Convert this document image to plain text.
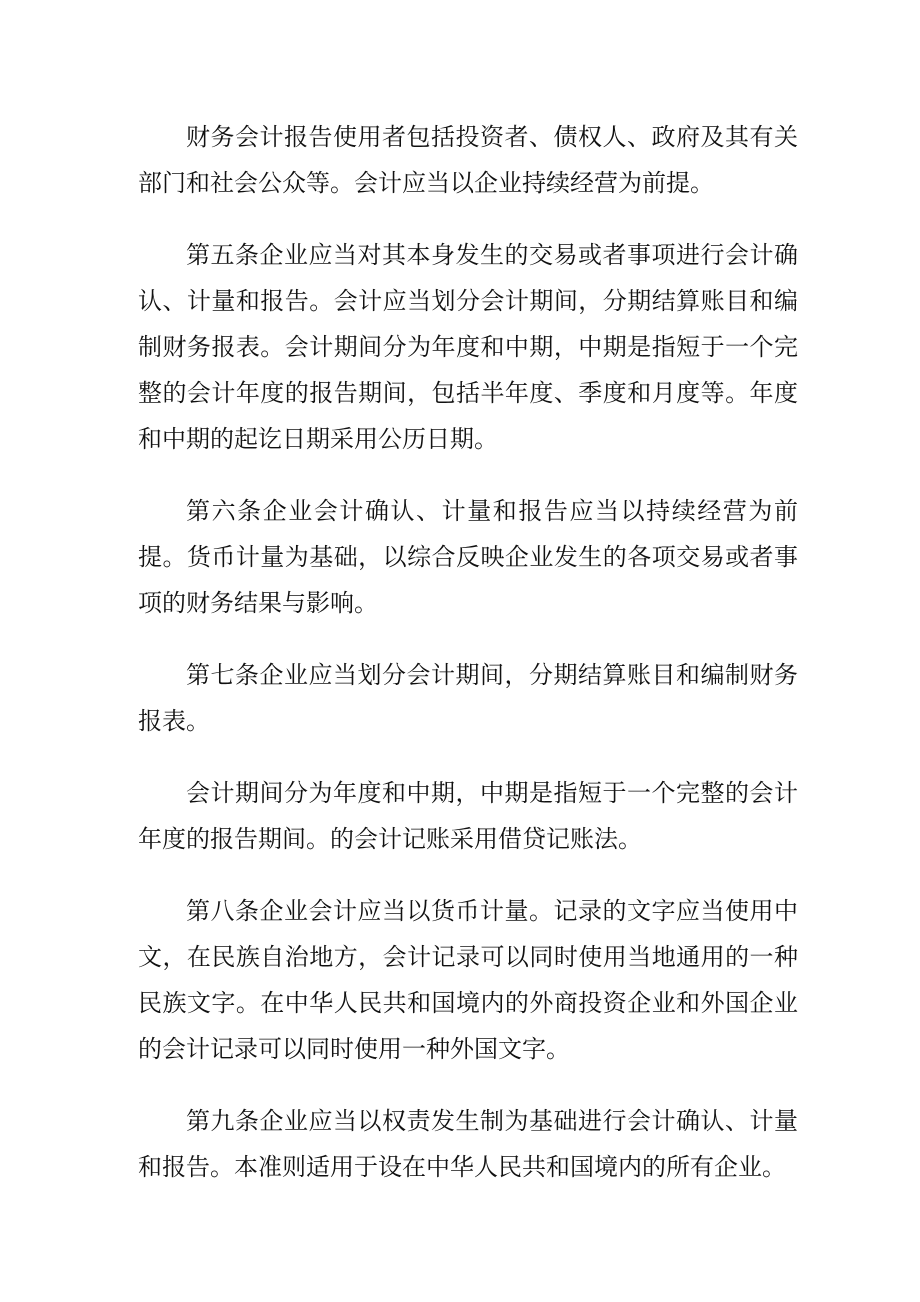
财务会计报告使用者包括投资者、债权人、政府及其有关部门和社会公众等。会计应当以企业持续经营为前提。

第五条企业应当对其本身发生的交易或者事项进行会计确认、计量和报告。会计应当划分会计期间，分期结算账目和编制财务报表。会计期间分为年度和中期，中期是指短于一个完整的会计年度的报告期间，包括半年度、季度和月度等。年度和中期的起讫日期采用公历日期。

第六条企业会计确认、计量和报告应当以持续经营为前提。货币计量为基础，以综合反映企业发生的各项交易或者事项的财务结果与影响。

第七条企业应当划分会计期间，分期结算账目和编制财务报表。

会计期间分为年度和中期，中期是指短于一个完整的会计年度的报告期间。的会计记账采用借贷记账法。

第八条企业会计应当以货币计量。记录的文字应当使用中文，在民族自治地方，会计记录可以同时使用当地通用的一种民族文字。在中华人民共和国境内的外商投资企业和外国企业的会计记录可以同时使用一种外国文字。

第九条企业应当以权责发生制为基础进行会计确认、计量和报告。本准则适用于设在中华人民共和国境内的所有企业。
